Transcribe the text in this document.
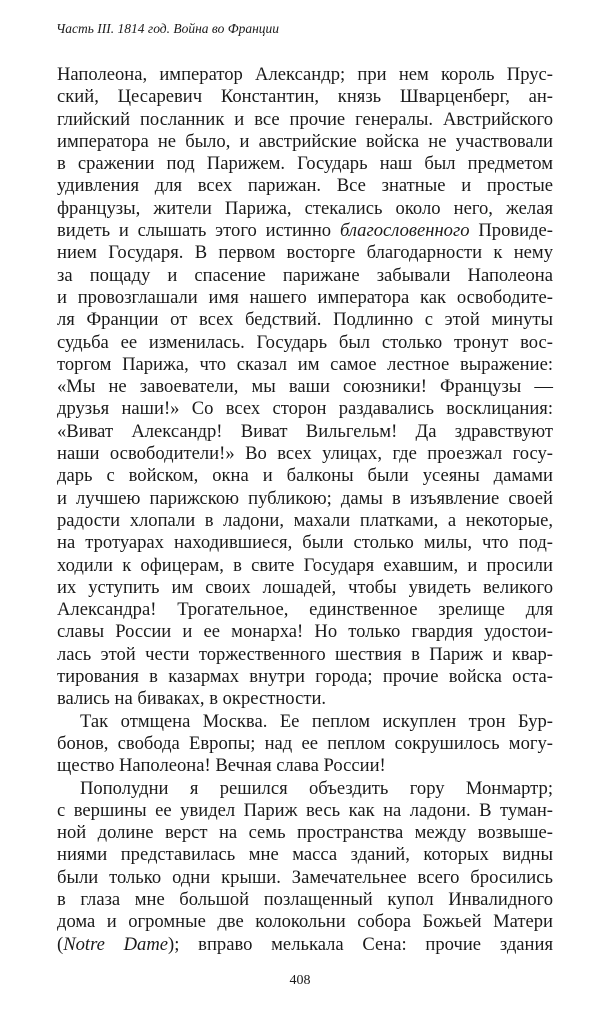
Часть III. 1814 год. Война во Франции
Наполеона, император Александр; при нем король Прус-
ский, Цесаревич Константин, князь Шварценберг, ан-
глийский посланник и все прочие генералы. Австрийского
императора не было, и австрийские войска не участвовали
в сражении под Парижем. Государь наш был предметом
удивления для всех парижан. Все знатные и простые
французы, жители Парижа, стекались около него, желая
видеть и слышать этого истинно благословенного Провиде-
нием Государя. В первом восторге благодарности к нему
за пощаду и спасение парижане забывали Наполеона
и провозглашали имя нашего императора как освободите-
ля Франции от всех бедствий. Подлинно с этой минуты
судьба ее изменилась. Государь был столько тронут вос-
торгом Парижа, что сказал им самое лестное выражение:
«Мы не завоеватели, мы ваши союзники! Французы —
друзья наши!» Со всех сторон раздавались восклицания:
«Виват Александр! Виват Вильгельм! Да здравствуют
наши освободители!» Во всех улицах, где проезжал госу-
дарь с войском, окна и балконы были усеяны дамами
и лучшею парижскою публикою; дамы в изъявление своей
радости хлопали в ладони, махали платками, а некоторые,
на тротуарах находившиеся, были столько милы, что под-
ходили к офицерам, в свите Государя ехавшим, и просили
их уступить им своих лошадей, чтобы увидеть великого
Александра! Трогательное, единственное зрелище для
славы России и ее монарха! Но только гвардия удостои-
лась этой чести торжественного шествия в Париж и квар-
тирования в казармах внутри города; прочие войска оста-
вались на биваках, в окрестности.
Так отмщена Москва. Ее пеплом искуплен трон Бур-
бонов, свобода Европы; над ее пеплом сокрушилось могу-
щество Наполеона! Вечная слава России!
Пополудни я решился объездить гору Монмартр;
с вершины ее увидел Париж весь как на ладони. В туман-
ной долине верст на семь пространства между возвыше-
ниями представилась мне масса зданий, которых видны
были только одни крыши. Замечательнее всего бросились
в глаза мне большой позлащенный купол Инвалидного
дома и огромные две колокольни собора Божьей Матери
(Notre Dame); вправо мелькала Сена: прочие здания
408
